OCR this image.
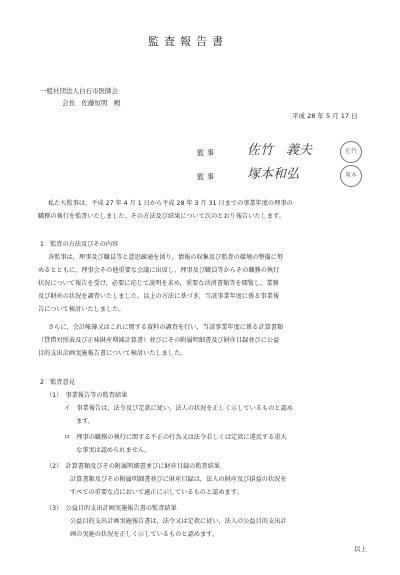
監査報告書
一般社団法人白石市医師会
会長　佐藤恒明　殿
平成 28 年 5 月 17 日
監事 佐竹　義夫	佐竹
監事 塚本和弘	塚本
私たち監事は，平成 27 年 4 月 1 日から平成 28 年 3 月 31 日までの事業年度の理事の
職務の執行を監査いたしました。その方法及び結果について次のとおり報告いたします。
1　監査の方法及びその内容
各監事は，理事及び職員等と意思疎通を図り，情報の収集及び監査の環境の整備に努
めるとともに，理事会その他重要な会議に出席し，理事及び職員等からその職務の執行
状況について報告を受け，必要に応じて説明を求め，重要な決済書類等を閲覧し，業務
及び財産の状況を調査いたしました。以上の方法に基づき，当該事業年度に係る事業報
告について検討いたしました。
さらに，会計帳簿又はこれに関する資料の調査を行い，当該事業年度に係る計算書類
（貸借対照表及び正味財産増減計算書）並びにその附属明細書及び財産目録並びに公益
目的支出計画実施報告書について検討いたしました。
2　監査意見
（1）　事業報告等の監査結果
イ　事業報告は，法令及び定款に従い，法人の状況を正しく示しているものと認め
ます。
ロ　理事の職務の執行に関する不正の行為又は法令若しくは定款に違反する重大
な事実は認められません。
（2）　計算書類及びその附属明細書並びに財産目録の監査結果
計算書類及びその附属明細書並びに財産目録は，法人の財産及び損益の状況を
すべての重要な点において適正に示しているものと認めます。
（3）　公益目的支出計画実施報告書の監査結果
公益目的支出計画実施報告書は，法令又は定款に従い，法人の公益目的支出計
画の実施の状況を正しく示しているものと認めます。
以上
